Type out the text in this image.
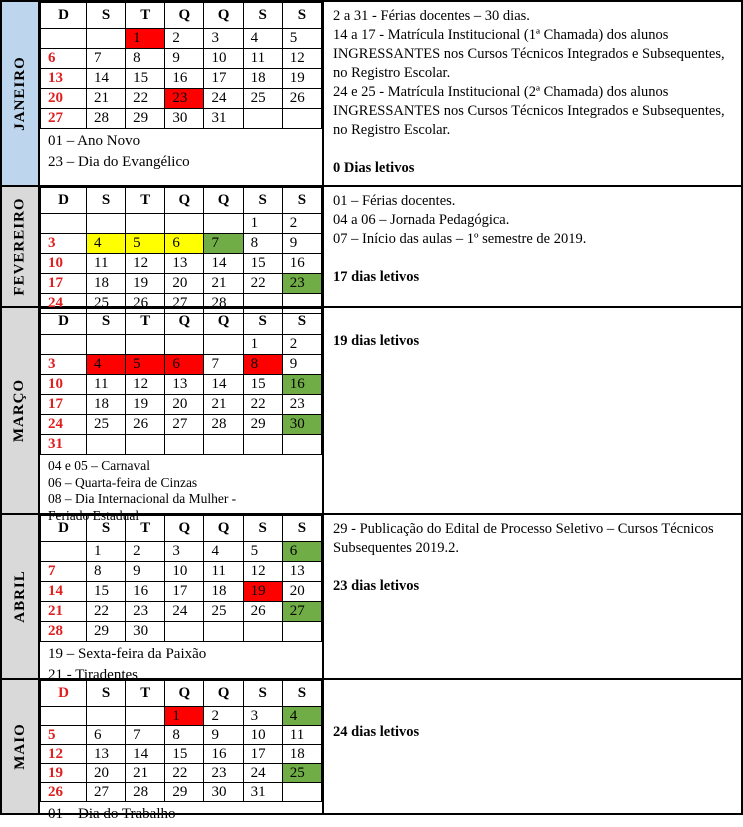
JANEIRO
D	S	T	Q	Q	S	S
		1	2	3	4	5
6	7	8	9	10	11	12
13	14	15	16	17	18	19
20	21	22	23	24	25	26
27	28	29	30	31		

01 – Ano Novo

23 – Dia do Evangélico

2 a 31 - Férias docentes – 30 dias.

14 a 17 - Matrícula Institucional (1ª Chamada) dos alunos INGRESSANTES nos Cursos Técnicos Integrados e Subsequentes, no Registro Escolar.

24 e 25 - Matrícula Institucional (2ª Chamada) dos alunos INGRESSANTES nos Cursos Técnicos Integrados e Subsequentes, no Registro Escolar.

0 Dias letivos

FEVEREIRO D	S	T	Q	Q	S	S
					1	2
3	4	5	6	7	8	9
10	11	12	13	14	15	16
17	18	19	20	21	22	23
24	25	26	27	28		

01 – Férias docentes.

04 a 06 – Jornada Pedagógica.

07 – Início das aulas – 1º semestre de 2019.

17 dias letivos

MARÇO
D	S	T	Q	Q	S	S
					1	2
3	4	5	6	7	8	9
10	11	12	13	14	15	16
17	18	19	20	21	22	23
24	25	26	27	28	29	30
31						

04 e 05 – Carnaval

06 – Quarta-feira de Cinzas

08 – Dia Internacional da Mulher -

Feriado Estadual

19 dias letivos

ABRIL
D	S	T	Q	Q	S	S
	1	2	3	4	5	6
7	8	9	10	11	12	13
14	15	16	17	18	19	20
21	22	23	24	25	26	27
28	29	30				

19 – Sexta-feira da Paixão

21 - Tiradentes

29 - Publicação do Edital de Processo Seletivo – Cursos Técnicos Subsequentes 2019.2.

23 dias letivos

MAIO
D	S	T	Q	Q	S	S
			1	2	3	4
5	6	7	8	9	10	11
12	13	14	15	16	17	18
19	20	21	22	23	24	25
26	27	28	29	30	31	

01 – Dia do Trabalho

24 dias letivos
